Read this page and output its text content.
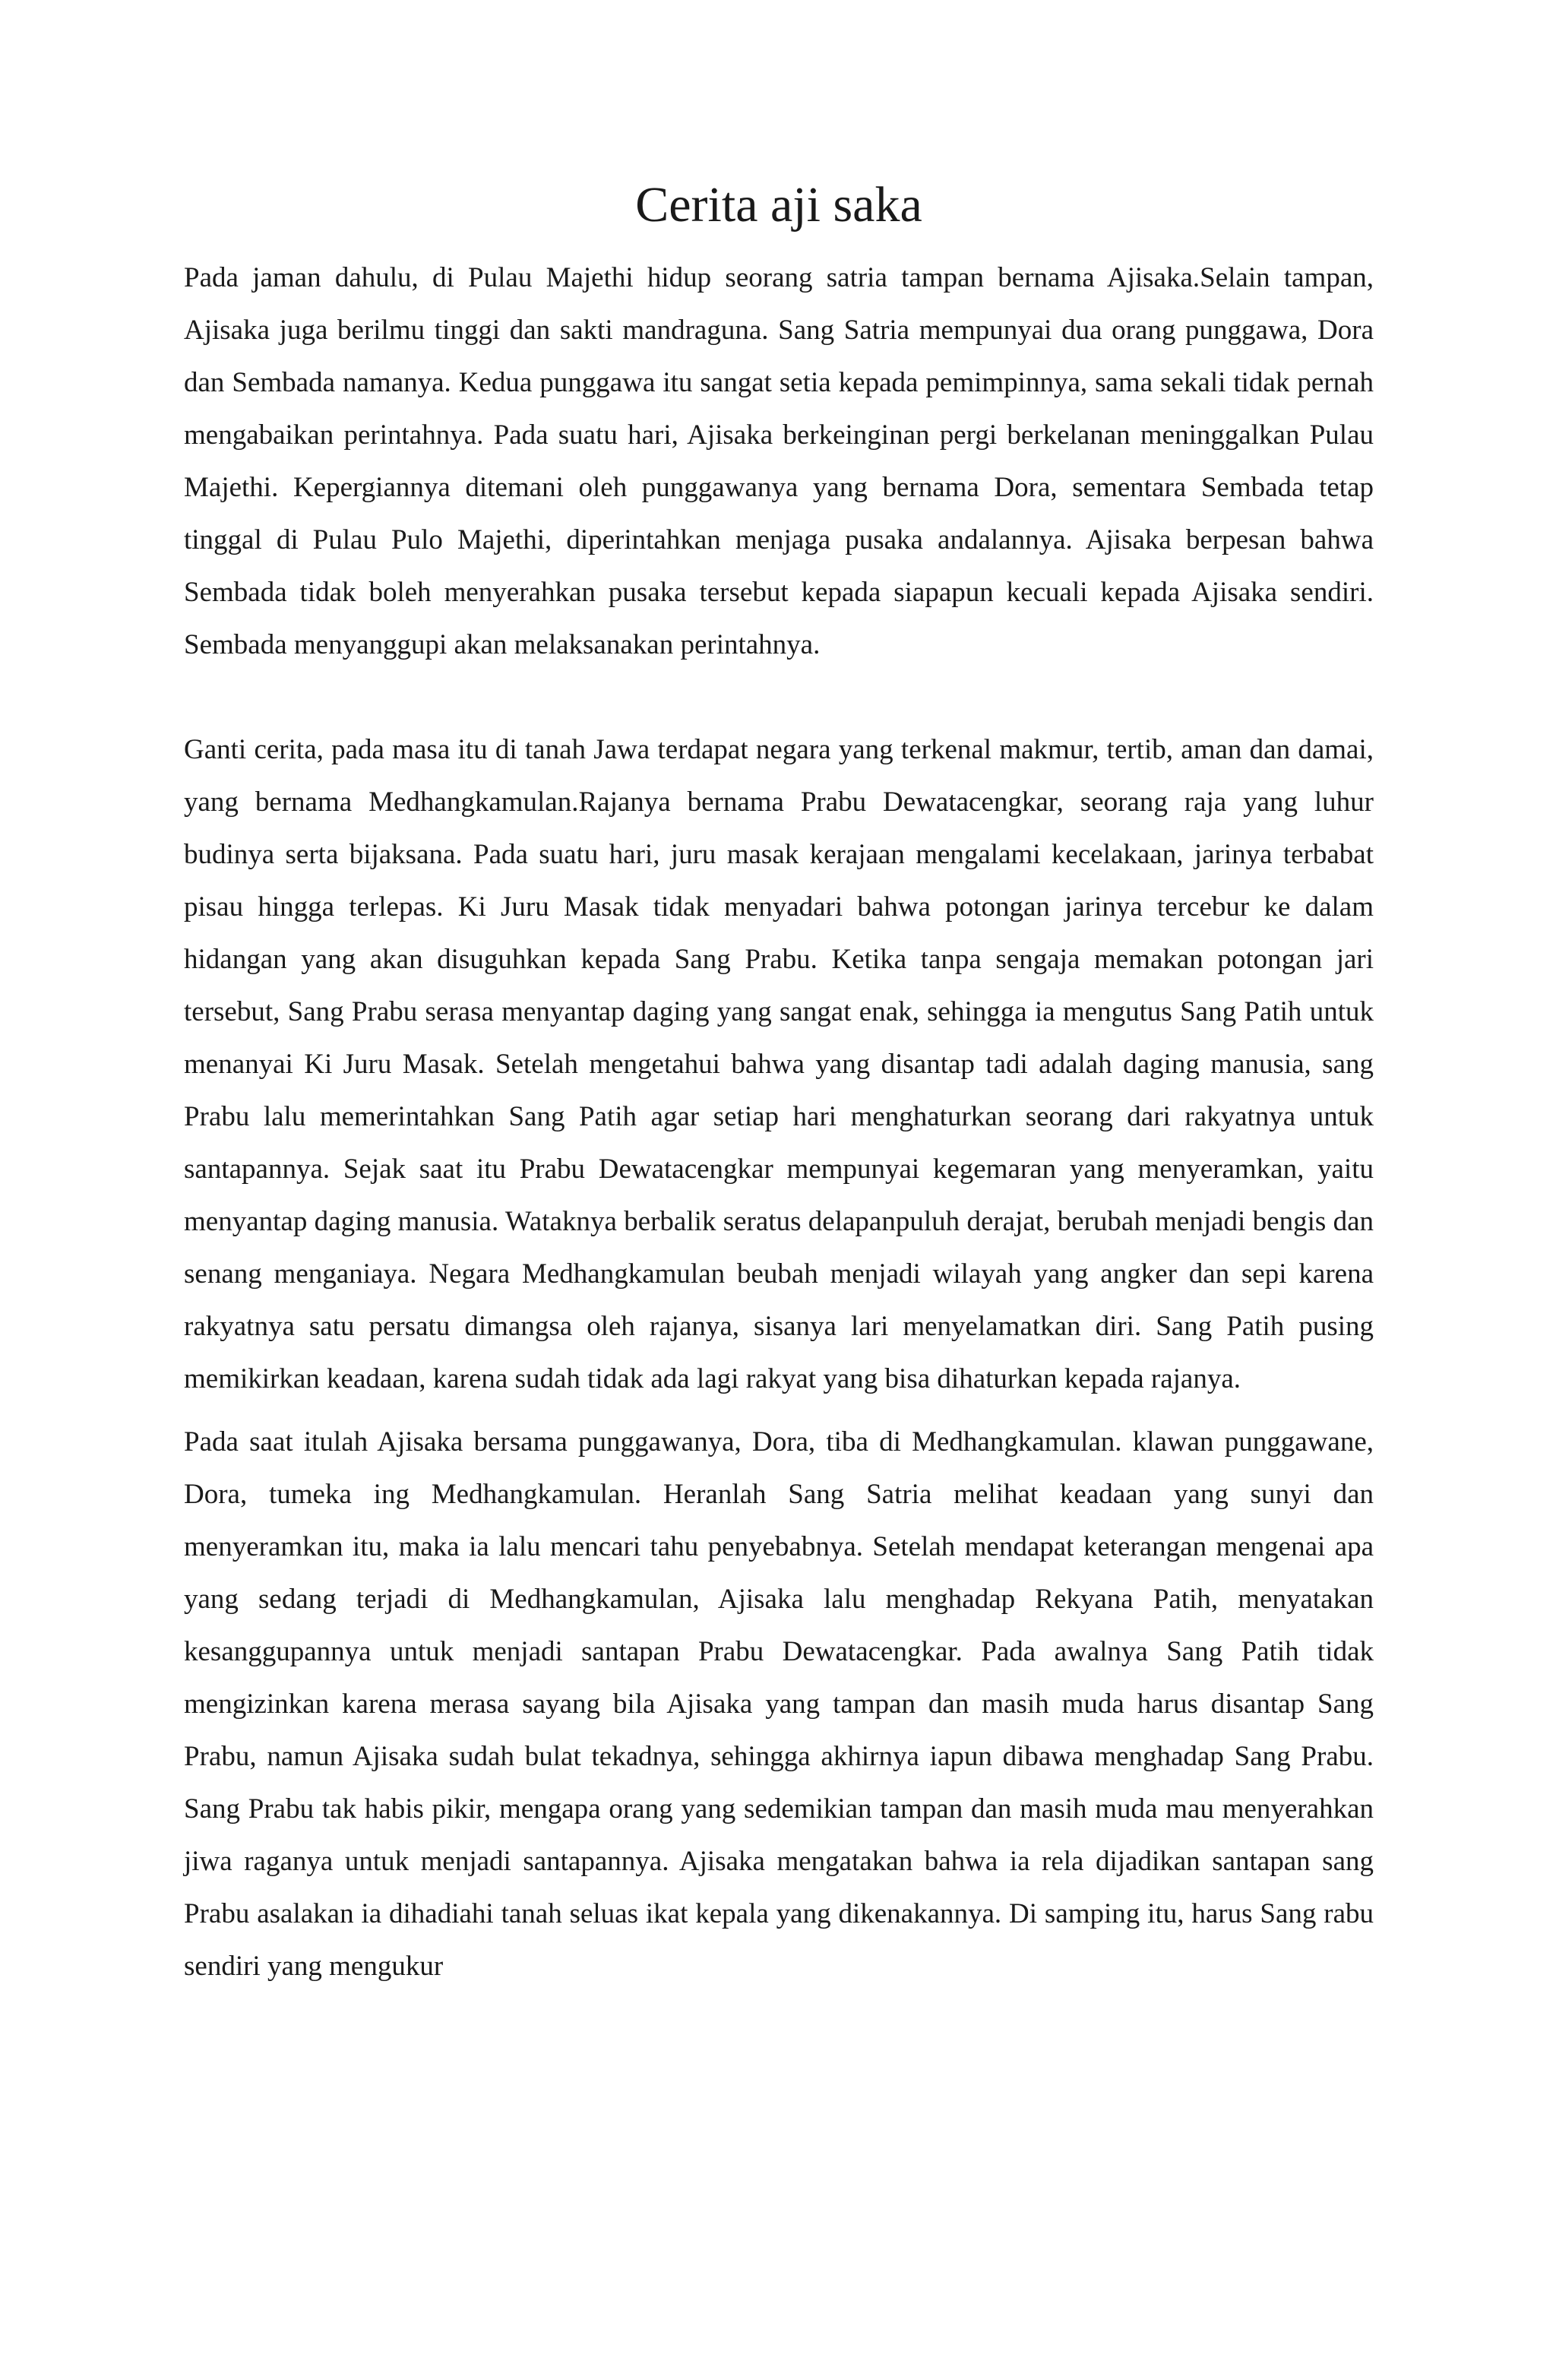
Cerita aji saka

Pada jaman dahulu, di Pulau Majethi hidup seorang satria tampan bernama Ajisaka.Selain tampan, Ajisaka juga berilmu tinggi dan sakti mandraguna. Sang Satria mempunyai dua orang punggawa, Dora dan Sembada namanya. Kedua punggawa itu sangat setia kepada pemimpinnya, sama sekali tidak pernah mengabaikan perintahnya. Pada suatu hari, Ajisaka berkeinginan pergi berkelanan meninggalkan Pulau Majethi. Kepergiannya ditemani oleh punggawanya yang bernama Dora, sementara Sembada tetap tinggal di Pulau Pulo Majethi, diperintahkan menjaga pusaka andalannya. Ajisaka berpesan bahwa Sembada tidak boleh menyerahkan pusaka tersebut kepada siapapun kecuali kepada Ajisaka sendiri. Sembada menyanggupi akan melaksanakan perintahnya.

Ganti cerita, pada masa itu di tanah Jawa terdapat negara yang terkenal makmur, tertib, aman dan damai, yang bernama Medhangkamulan.Rajanya bernama Prabu Dewatacengkar, seorang raja yang luhur budinya serta bijaksana. Pada suatu hari, juru masak kerajaan mengalami kecelakaan, jarinya terbabat pisau hingga terlepas. Ki Juru Masak tidak menyadari bahwa potongan jarinya tercebur ke dalam hidangan yang akan disuguhkan kepada Sang Prabu. Ketika tanpa sengaja memakan potongan jari tersebut, Sang Prabu serasa menyantap daging yang sangat enak, sehingga ia mengutus Sang Patih untuk menanyai Ki Juru Masak. Setelah mengetahui bahwa yang disantap tadi adalah daging manusia, sang Prabu lalu memerintahkan Sang Patih agar setiap hari menghaturkan seorang dari rakyatnya untuk santapannya. Sejak saat itu Prabu Dewatacengkar mempunyai kegemaran yang menyeramkan, yaitu menyantap daging manusia. Wataknya berbalik seratus delapanpuluh derajat, berubah menjadi bengis dan senang menganiaya. Negara Medhangkamulan beubah menjadi wilayah yang angker dan sepi karena rakyatnya satu persatu dimangsa oleh rajanya, sisanya lari menyelamatkan diri. Sang Patih pusing memikirkan keadaan, karena sudah tidak ada lagi rakyat yang bisa dihaturkan kepada rajanya.

Pada saat itulah Ajisaka bersama punggawanya, Dora, tiba di Medhangkamulan. klawan punggawane, Dora, tumeka ing Medhangkamulan. Heranlah Sang Satria melihat keadaan yang sunyi dan menyeramkan itu, maka ia lalu mencari tahu penyebabnya. Setelah mendapat keterangan mengenai apa yang sedang terjadi di Medhangkamulan, Ajisaka lalu menghadap Rekyana Patih, menyatakan kesanggupannya untuk menjadi santapan Prabu Dewatacengkar. Pada awalnya Sang Patih tidak mengizinkan karena merasa sayang bila Ajisaka yang tampan dan masih muda harus disantap Sang Prabu, namun Ajisaka sudah bulat tekadnya, sehingga akhirnya iapun dibawa menghadap Sang Prabu. Sang Prabu tak habis pikir, mengapa orang yang sedemikian tampan dan masih muda mau menyerahkan jiwa raganya untuk menjadi santapannya. Ajisaka mengatakan bahwa ia rela dijadikan santapan sang Prabu asalakan ia dihadiahi tanah seluas ikat kepala yang dikenakannya. Di samping itu, harus Sang rabu sendiri yang mengukur
